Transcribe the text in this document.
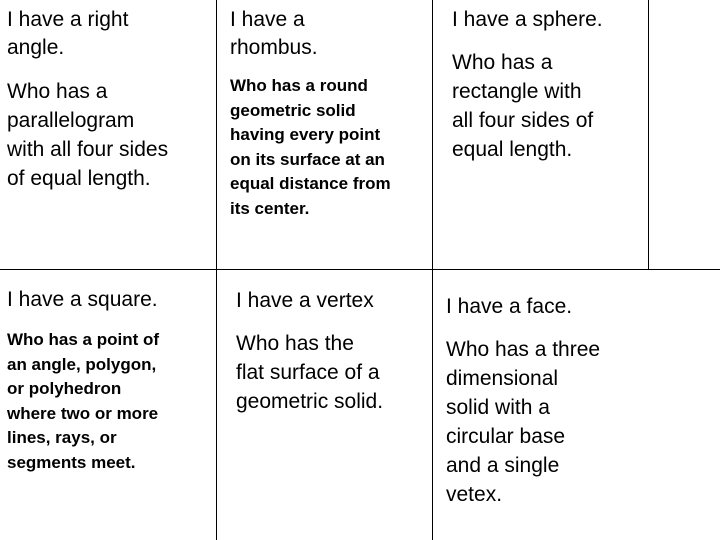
I have a right
angle.

Who has a
parallelogram
with all four sides
of equal length.

I have a
rhombus.

Who has a round
geometric solid
having every point
on its surface at an
equal distance from
its center.

I have a sphere.

Who has a
rectangle with
all four sides of
equal length.

I have a square.

Who has a point of
an angle, polygon,
or polyhedron
where two or more
lines, rays, or
segments meet.

I have a vertex

Who has the
flat surface of a
geometric solid.

I have a face.

Who has a three
dimensional
solid with a
circular base
and a single
vetex.
